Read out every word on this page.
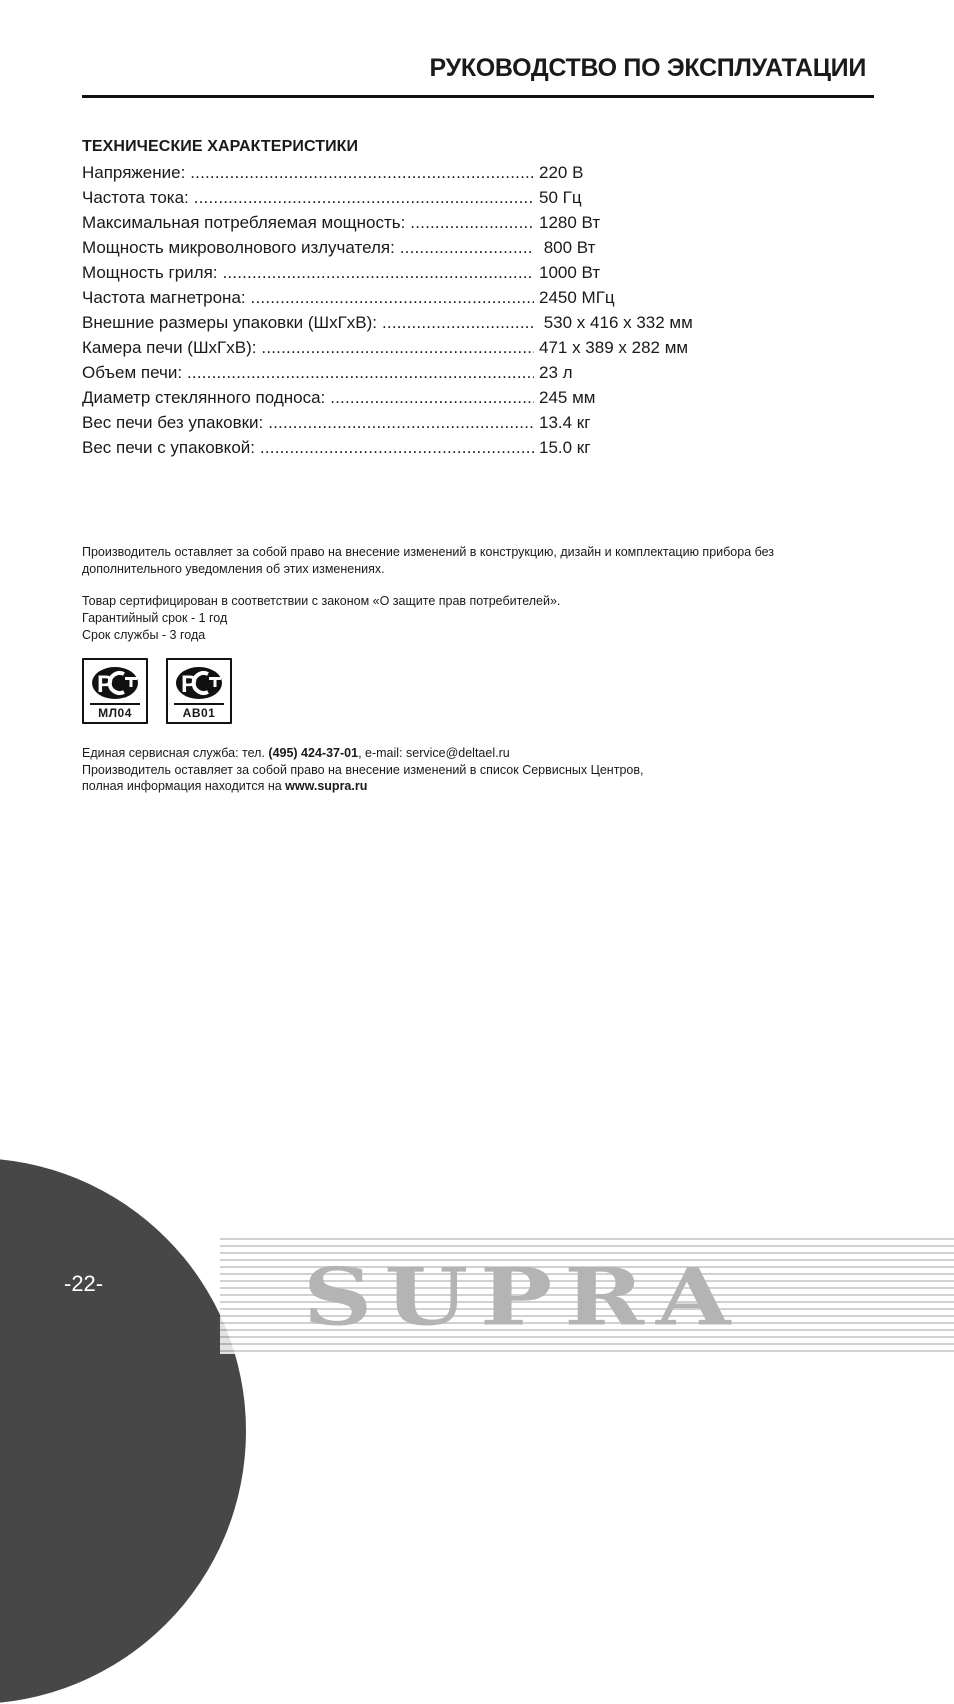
РУКОВОДСТВО ПО ЭКСПЛУАТАЦИИ
ТЕХНИЧЕСКИЕ ХАРАКТЕРИСТИКИ
Напряжение: .....	220 В
Частота тока: .....	50 Гц
Максимальная потребляемая мощность: .....	1280 Вт
Мощность микроволнового излучателя: .....	800 Вт
Мощность гриля: .....	1000 Вт
Частота магнетрона: .....	2450 МГц
Внешние размеры упаковки (ШхГхВ): .....	530 х 416 х 332 мм
Камера печи (ШхГхВ): .....	471 х 389 х 282 мм
Объем печи: .....	23 л
Диаметр стеклянного подноса: .....	245 мм
Вес печи без упаковки: .....	13.4 кг
Вес печи с упаковкой: .....	15.0 кг

Производитель оставляет за собой право на внесение изменений в конструкцию, дизайн и комплектацию прибора без

дополнительного уведомления об этих изменениях.

Товар сертифицирован в соответствии с законом «О защите прав потребителей».

Гарантийный срок - 1 год

Срок службы - 3 года

P
МЛ04
P
АВ01

Единая сервисная служба: тел. (495) 424-37-01, e-mail: service@deltael.ru

Производитель оставляет за собой право на внесение изменений в список Сервисных Центров,

полная информация находится на www.supra.ru

SUPRA
-22-
